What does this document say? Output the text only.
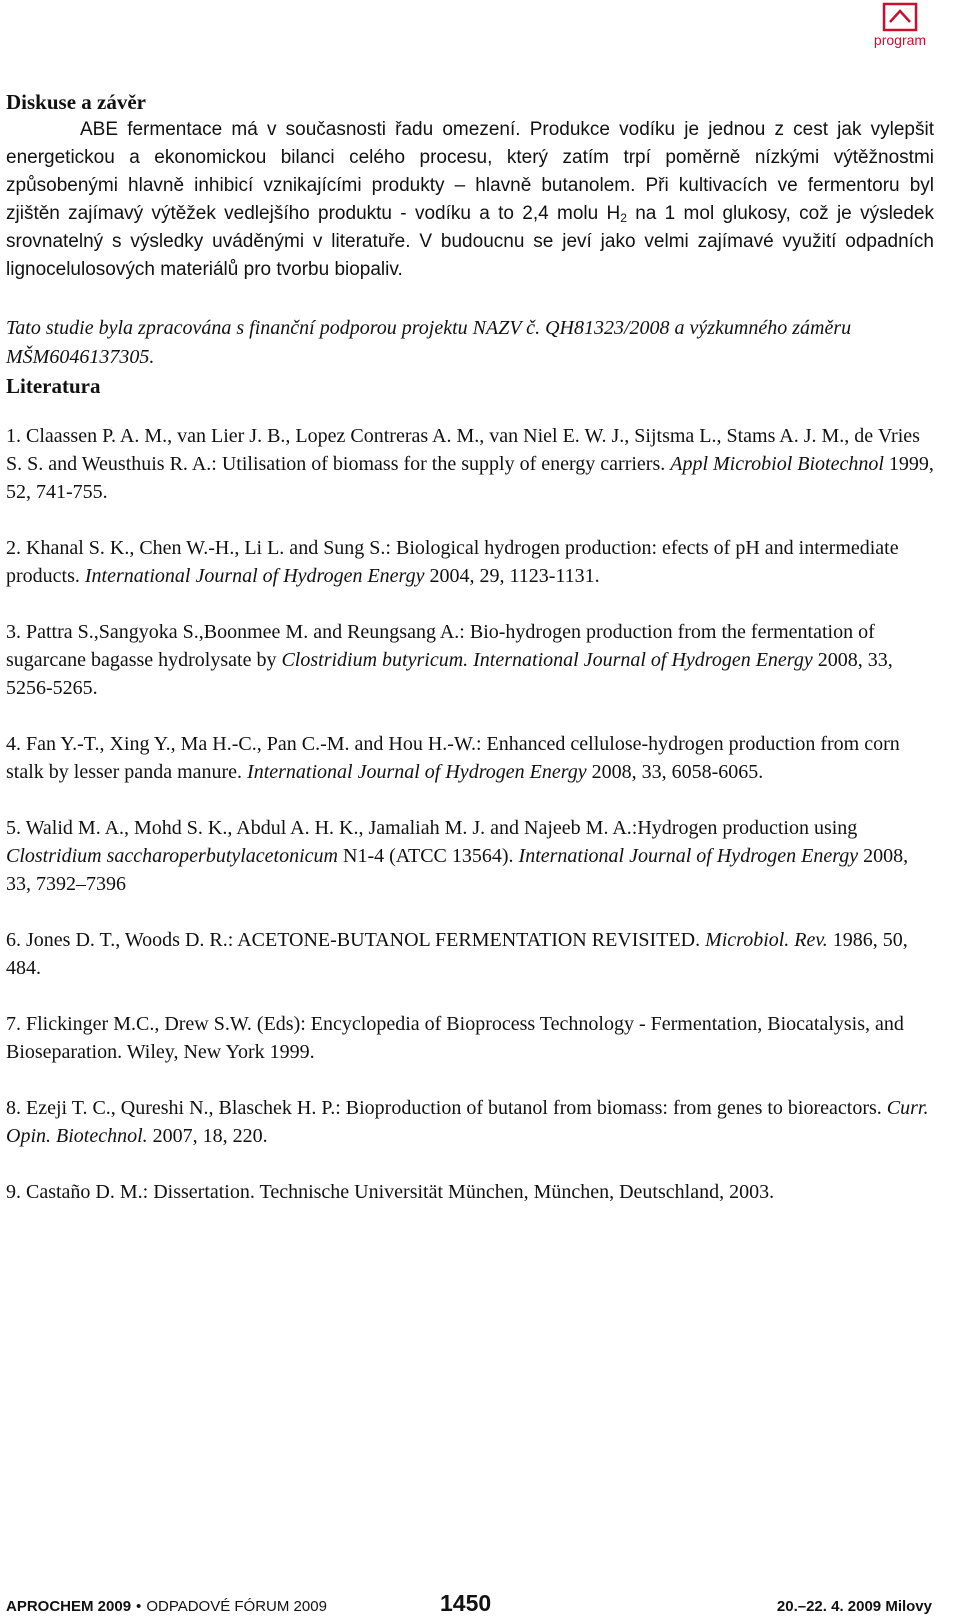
program
Diskuse a závěr

ABE fermentace má v současnosti řadu omezení. Produkce vodíku je jednou z cest jak vylepšit energetickou a ekonomickou bilanci celého procesu, který zatím trpí poměrně nízkými výtěžnostmi způsobenými hlavně inhibicí vznikajícími produkty – hlavně butanolem. Při kultivacích ve fermentoru byl zjištěn zajímavý výtěžek vedlejšího produktu - vodíku a to 2,4 molu $H_2$ na 1 mol glukosy, což je výsledek srovnatelný s výsledky uváděnými v literatuře. V budoucnu se jeví jako velmi zajímavé využití odpadních lignocelulosových materiálů pro tvorbu biopaliv.

Tato studie byla zpracována s finanční podporou projektu NAZV č. QH81323/2008 a výzkumného záměru MŠM6046137305.

Literatura
1. Claassen P. A. M., van Lier J. B., Lopez Contreras A. M., van Niel E. W. J., Sijtsma L., Stams A. J. M., de Vries S. S. and Weusthuis R. A.: Utilisation of biomass for the supply of energy carriers. Appl Microbiol Biotechnol 1999, 52, 741-755.
2. Khanal S. K., Chen W.-H., Li L. and Sung S.: Biological hydrogen production: efects of pH and intermediate products. International Journal of Hydrogen Energy 2004, 29, 1123-1131.
3. Pattra S.,Sangyoka S.,Boonmee M. and Reungsang A.: Bio-hydrogen production from the fermentation of sugarcane bagasse hydrolysate by Clostridium butyricum. International Journal of Hydrogen Energy 2008, 33, 5256-5265.
4. Fan Y.-T., Xing Y., Ma H.-C., Pan C.-M. and Hou H.-W.: Enhanced cellulose-hydrogen production from corn stalk by lesser panda manure. International Journal of Hydrogen Energy 2008, 33, 6058-6065.
5. Walid M. A., Mohd S. K., Abdul A. H. K., Jamaliah M. J. and Najeeb M. A.:Hydrogen production using Clostridium saccharoperbutylacetonicum N1-4 (ATCC 13564). International Journal of Hydrogen Energy 2008, 33, 7392–7396
6. Jones D. T., Woods D. R.: ACETONE-BUTANOL FERMENTATION REVISITED. Microbiol. Rev. 1986, 50, 484.
7. Flickinger M.C., Drew S.W. (Eds): Encyclopedia of Bioprocess Technology - Fermentation, Biocatalysis, and Bioseparation. Wiley, New York 1999.
8. Ezeji T. C., Qureshi N., Blaschek H. P.: Bioproduction of butanol from biomass: from genes to bioreactors. Curr. Opin. Biotechnol. 2007, 18, 220.
9. Castaño D. M.: Dissertation. Technische Universität München, München, Deutschland, 2003.
APROCHEM 2009 • ODPADOVÉ FÓRUM 2009	1450	20.–22. 4. 2009 Milovy
